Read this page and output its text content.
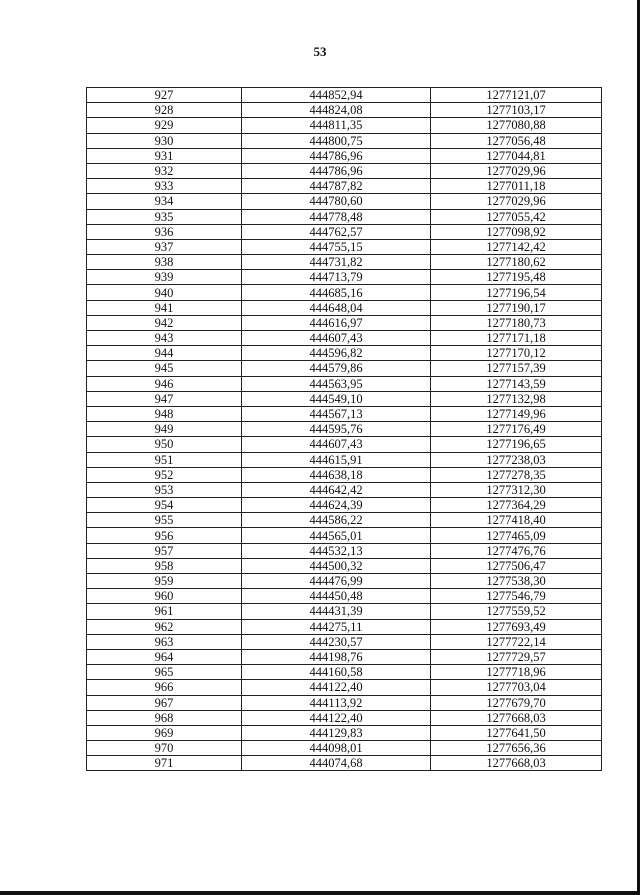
53
927	444852,94	1277121,07
928	444824,08	1277103,17
929	444811,35	1277080,88
930	444800,75	1277056,48
931	444786,96	1277044,81
932	444786,96	1277029,96
933	444787,82	1277011,18
934	444780,60	1277029,96
935	444778,48	1277055,42
936	444762,57	1277098,92
937	444755,15	1277142,42
938	444731,82	1277180,62
939	444713,79	1277195,48
940	444685,16	1277196,54
941	444648,04	1277190,17
942	444616,97	1277180,73
943	444607,43	1277171,18
944	444596,82	1277170,12
945	444579,86	1277157,39
946	444563,95	1277143,59
947	444549,10	1277132,98
948	444567,13	1277149,96
949	444595,76	1277176,49
950	444607,43	1277196,65
951	444615,91	1277238,03
952	444638,18	1277278,35
953	444642,42	1277312,30
954	444624,39	1277364,29
955	444586,22	1277418,40
956	444565,01	1277465,09
957	444532,13	1277476,76
958	444500,32	1277506,47
959	444476,99	1277538,30
960	444450,48	1277546,79
961	444431,39	1277559,52
962	444275,11	1277693,49
963	444230,57	1277722,14
964	444198,76	1277729,57
965	444160,58	1277718,96
966	444122,40	1277703,04
967	444113,92	1277679,70
968	444122,40	1277668,03
969	444129,83	1277641,50
970	444098,01	1277656,36
971	444074,68	1277668,03
